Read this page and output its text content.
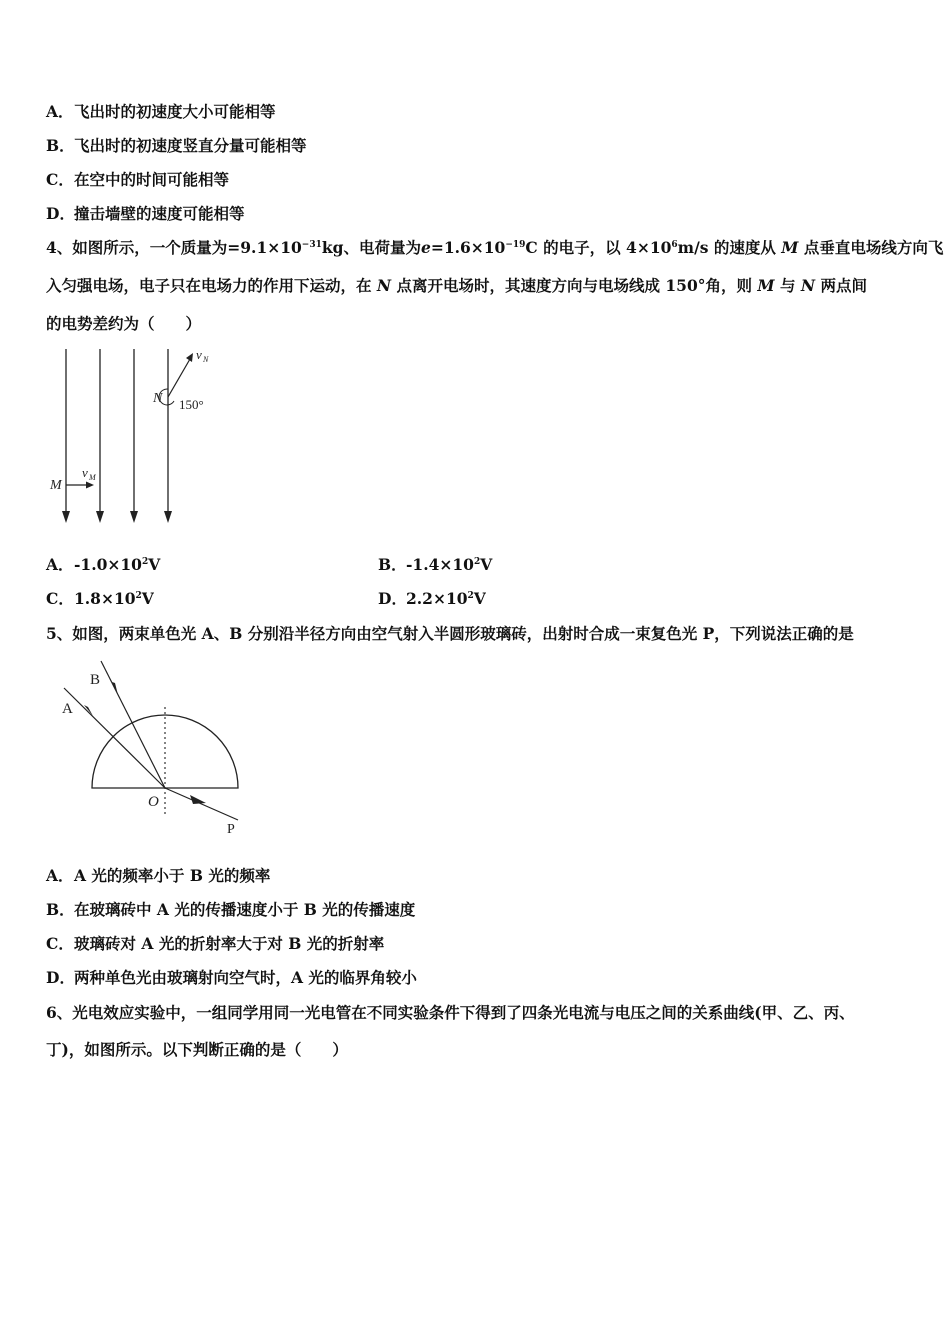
A．飞出时的初速度大小可能相等
B．飞出时的初速度竖直分量可能相等
C．在空中的时间可能相等
D．撞击墙壁的速度可能相等
4、如图所示，一个质量为$=9.1\times 10^{-31}kg$、电荷量为$e=1.6\times 10^{-19}C$ 的电子，以 $4\times 10^6m/s$ 的速度从 M 点垂直电场线方向飞
入匀强电场，电子只在电场力的作用下运动，在 N 点离开电场时，其速度方向与电场线成 150°角，则 M 与 N 两点间
的电势差约为（　　）
M
v M
v N
N 150°
A．$-1.0\times 10^2V$	B．$-1.4\times 10^2V$
C．$1.8\times 10^2V$	D．$2.2\times 10^2V$
5、如图，两束单色光 A、B 分别沿半径方向由空气射入半圆形玻璃砖，出射时合成一束复色光 P，下列说法正确的是
A
B
O
P
A．A 光的频率小于 B 光的频率
B．在玻璃砖中 A 光的传播速度小于 B 光的传播速度
C．玻璃砖对 A 光的折射率大于对 B 光的折射率
D．两种单色光由玻璃射向空气时，A 光的临界角较小
6、光电效应实验中，一组同学用同一光电管在不同实验条件下得到了四条光电流与电压之间的关系曲线(甲、乙、丙、
丁)，如图所示。以下判断正确的是（　　）
